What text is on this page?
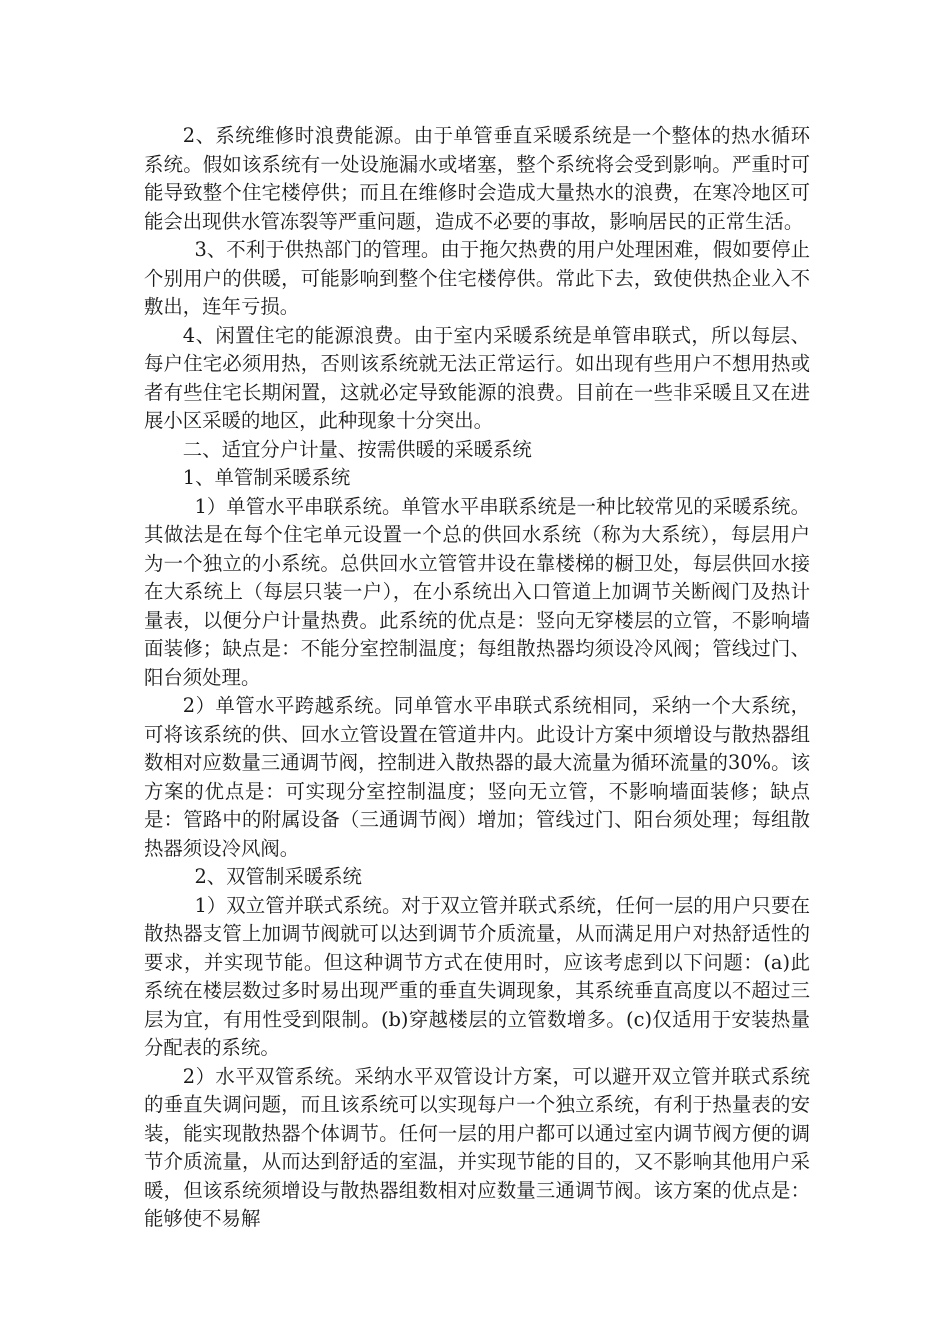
2、系统维修时浪费能源。由于单管垂直采暖系统是一个整体的热水循环系统。假如该系统有一处设施漏水或堵塞，整个系统将会受到影响。严重时可能导致整个住宅楼停供；而且在维修时会造成大量热水的浪费，在寒冷地区可能会出现供水管冻裂等严重问题，造成不必要的事故，影响居民的正常生活。

3、不利于供热部门的管理。由于拖欠热费的用户处理困难，假如要停止个别用户的供暖，可能影响到整个住宅楼停供。常此下去，致使供热企业入不敷出，连年亏损。

4、闲置住宅的能源浪费。由于室内采暖系统是单管串联式，所以每层、每户住宅必须用热，否则该系统就无法正常运行。如出现有些用户不想用热或者有些住宅长期闲置，这就必定导致能源的浪费。目前在一些非采暖且又在进展小区采暖的地区，此种现象十分突出。

二、适宜分户计量、按需供暖的采暖系统

1、单管制采暖系统

1）单管水平串联系统。单管水平串联系统是一种比较常见的采暖系统。其做法是在每个住宅单元设置一个总的供回水系统（称为大系统），每层用户为一个独立的小系统。总供回水立管管井设在靠楼梯的橱卫处，每层供回水接在大系统上（每层只装一户），在小系统出入口管道上加调节关断阀门及热计量表，以便分户计量热费。此系统的优点是：竖向无穿楼层的立管，不影响墙面装修；缺点是：不能分室控制温度；每组散热器均须设冷风阀；管线过门、阳台须处理。

2）单管水平跨越系统。同单管水平串联式系统相同，采纳一个大系统，可将该系统的供、回水立管设置在管道井内。此设计方案中须增设与散热器组数相对应数量三通调节阀，控制进入散热器的最大流量为循环流量的30%。该方案的优点是：可实现分室控制温度；竖向无立管，不影响墙面装修；缺点是：管路中的附属设备（三通调节阀）增加；管线过门、阳台须处理；每组散热器须设冷风阀。

2、双管制采暖系统

1）双立管并联式系统。对于双立管并联式系统，任何一层的用户只要在散热器支管上加调节阀就可以达到调节介质流量，从而满足用户对热舒适性的要求，并实现节能。但这种调节方式在使用时，应该考虑到以下问题：(a)此系统在楼层数过多时易出现严重的垂直失调现象，其系统垂直高度以不超过三层为宜，有用性受到限制。(b)穿越楼层的立管数增多。(c)仅适用于安装热量分配表的系统。

2）水平双管系统。采纳水平双管设计方案，可以避开双立管并联式系统的垂直失调问题，而且该系统可以实现每户一个独立系统，有利于热量表的安装，能实现散热器个体调节。任何一层的用户都可以通过室内调节阀方便的调节介质流量，从而达到舒适的室温，并实现节能的目的，又不影响其他用户采暖，但该系统须增设与散热器组数相对应数量三通调节阀。该方案的优点是：能够使不易解
